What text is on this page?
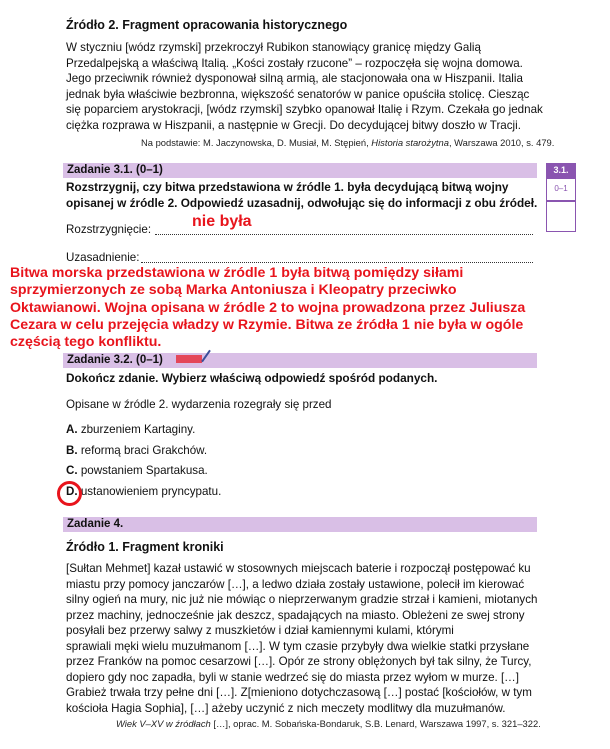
Źródło 2. Fragment opracowania historycznego
W styczniu [wódz rzymski] przekroczył Rubikon stanowiący granicę między Galią
Przedalpejską a właściwą Italią. „Kości zostały rzucone” – rozpoczęła się wojna domowa.
Jego przeciwnik również dysponował silną armią, ale stacjonowała ona w Hiszpanii. Italia
jednak była właściwie bezbronna, większość senatorów w panice opuściła stolicę. Ciesząc
się poparciem arystokracji, [wódz rzymski] szybko opanował Italię i Rzym. Czekała go jednak
ciężka rozprawa w Hiszpanii, a następnie w Grecji. Do decydującej bitwy doszło w Tracji.
Na podstawie: M. Jaczynowska, D. Musiał, M. Stępień, Historia starożytna, Warszawa 2010, s. 479.
Zadanie 3.1. (0–1)	3.1.
0–1
Rozstrzygnij, czy bitwa przedstawiona w źródle 1. była decydującą bitwą wojny
opisanej w źródle 2. Odpowiedź uzasadnij, odwołując się do informacji z obu źródeł.
nie była
Rozstrzygnięcie:
Uzasadnienie:
Bitwa morska przedstawiona w źródle 1 była bitwą pomiędzy siłami
sprzymierzonych ze sobą Marka Antoniusza i Kleopatry przeciwko
Oktawianowi. Wojna opisana w źródle 2 to wojna prowadzona przez Juliusza
Cezara w celu przejęcia władzy w Rzymie. Bitwa ze źródła 1 nie była w ogóle
częścią tego konfliktu.
Zadanie 3.2. (0–1)
Dokończ zdanie. Wybierz właściwą odpowiedź spośród podanych.
Opisane w źródle 2. wydarzenia rozegrały się przed
A. zburzeniem Kartaginy.
B. reformą braci Grakchów.
C. powstaniem Spartakusa.
D. ustanowieniem pryncypatu.
Zadanie 4.
Źródło 1. Fragment kroniki
[Sułtan Mehmet] kazał ustawić w stosownych miejscach baterie i rozpoczął postępować ku
miastu przy pomocy janczarów […], a ledwo działa zostały ustawione, polecił im kierować
silny ogień na mury, nic już nie mówiąc o nieprzerwanym gradzie strzał i kamieni, miotanych
przez machiny, jednocześnie jak deszcz, spadających na miasto. Obleżeni ze swej strony
posyłali bez przerwy salwy z muszkietów i dział kamiennymi kulami, którymi
sprawiali męki wielu muzułmanom […]. W tym czasie przybyły dwa wielkie statki przysłane
przez Franków na pomoc cesarzowi […]. Opór ze strony oblężonych był tak silny, że Turcy,
dopiero gdy noc zapadła, byli w stanie wedrzeć się do miasta przez wyłom w murze. […]
Grabież trwała trzy pełne dni […]. Z[mieniono dotychczasową […] postać [kościołów, w tym
kościoła Hagia Sophia], […] ażeby uczynić z nich meczety modlitwy dla muzułmanów.
Wiek V–XV w źródłach […], oprac. M. Sobańska-Bondaruk, S.B. Lenard, Warszawa 1997, s. 321–322.
